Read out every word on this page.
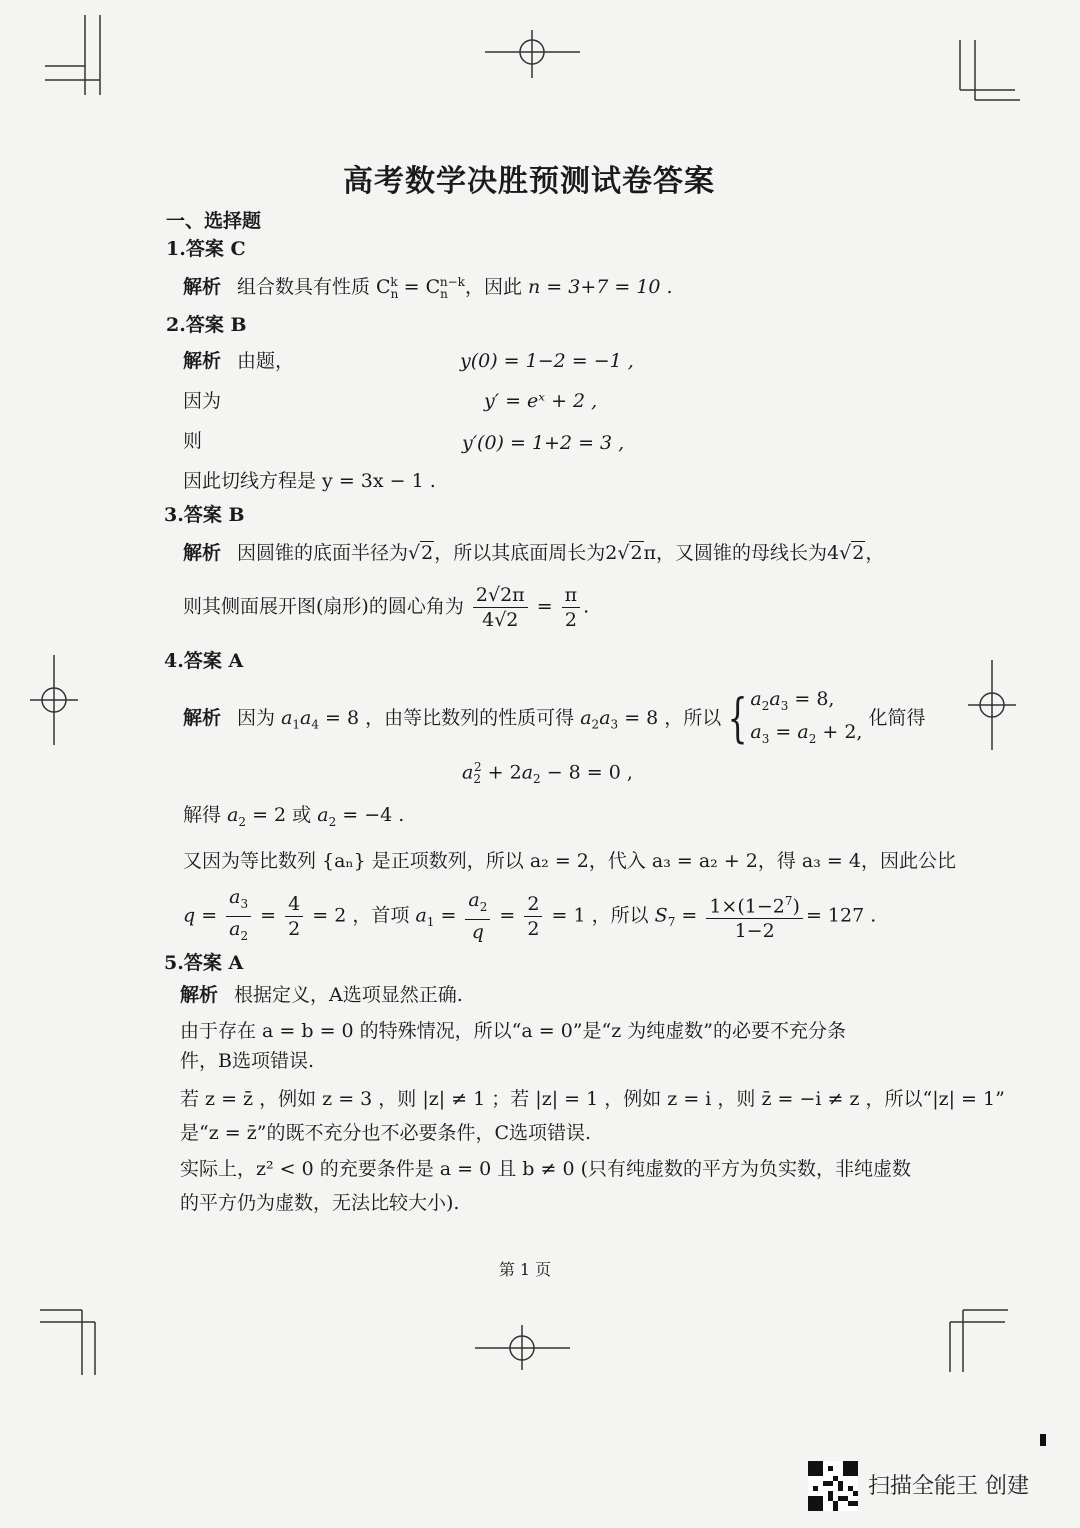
高考数学决胜预测试卷答案
一、选择题
1.答案 C
解析 组合数具有性质 $C_n^k = C_n^{n-k}$，因此 n = 3+7 = 10 .
2.答案 B
解析 由题，	y(0) = 1−2 = −1 ,
因为	y′ = eˣ + 2 ,
则	y′(0) = 1+2 = 3 ,
因此切线方程是 y = 3x − 1 .
3.答案 B
解析 因圆锥的底面半径为√2，所以其底面周长为2√2π，又圆锥的母线长为4√2，
则其侧面展开图(扇形)的圆心角为 $\frac{2√2\pi}{4√2} = \frac{\pi}{2}$ .
4.答案 A
解析 因为 $a_1a_4 = 8$ ，由等比数列的性质可得 $a_2a_3 = 8$ ，所以 { $a_2a_3 = 8$,
$a_3 = a_2 + 2$, 化简得
$a_2^2 + 2a_2 - 8 = 0$ ,
解得 $a_2 = 2$ 或 $a_2 = -4$ .
又因为等比数列 {aₙ} 是正项数列，所以 a₂ = 2，代入 a₃ = a₂ + 2，得 a₃ = 4，因此公比
$q = \frac{a_3}{a_2} = \frac{4}{2} = 2$ ，首项 $a_1 = \frac{a_2}{q} = \frac{2}{2} = 1$ ，所以 $S_7 = \frac{1\times(1-2^7)}{1-2} = 127$ .
5.答案 A
解析 根据定义，A选项显然正确.
由于存在 a = b = 0 的特殊情况，所以“a = 0”是“z 为纯虚数”的必要不充分条
件，B选项错误.
若 z = z̄ ，例如 z = 3 ，则 |z| ≠ 1 ；若 |z| = 1 ，例如 z = i ，则 z̄ = −i ≠ z ，所以“|z| = 1”
是“z = z̄”的既不充分也不必要条件，C选项错误.
实际上，z² < 0 的充要条件是 a = 0 且 b ≠ 0 (只有纯虚数的平方为负实数，非纯虚数
的平方仍为虚数，无法比较大小).
第 1 页
扫描全能王 创建
